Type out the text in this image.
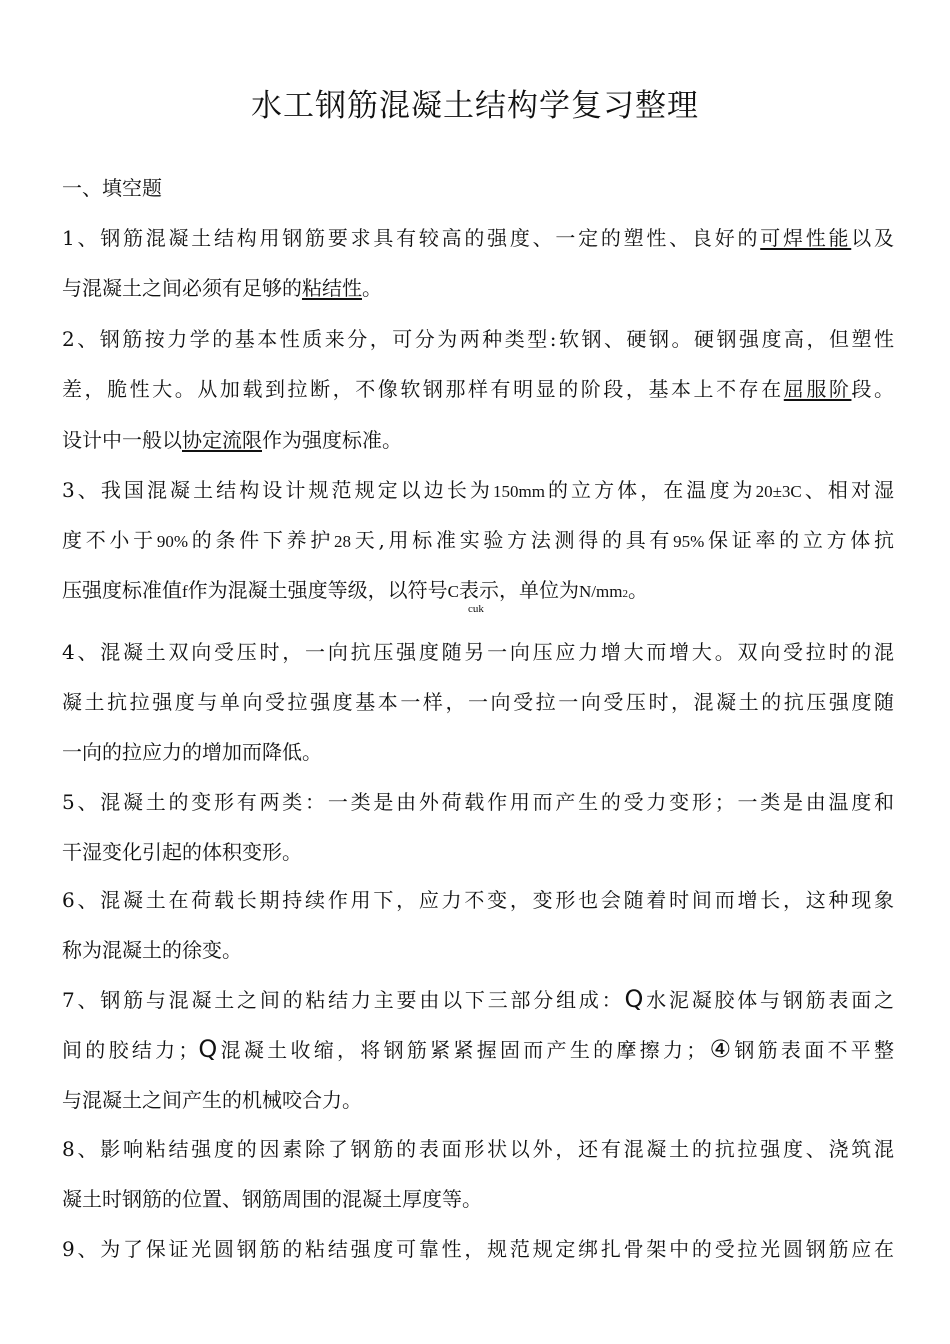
水工钢筋混凝土结构学复习整理
一、填空题
1、钢筋混凝土结构用钢筋要求具有较高的强度、一定的塑性、良好的可焊性能以及
与混凝土之间必须有足够的粘结性。
2、钢筋按力学的基本性质来分，可分为两种类型:软钢、硬钢。硬钢强度高，但塑性
差，脆性大。从加载到拉断，不像软钢那样有明显的阶段，基本上不存在屈服阶段。
设计中一般以协定流限作为强度标准。
3、我国混凝土结构设计规范规定以边长为150mm的立方体，在温度为20±3C、相对湿
度不小于90%的条件下养护28天,用标准实验方法测得的具有95%保证率的立方体抗
压强度标准值f作为混凝土强度等级，以符号C表示，单位为N/mm2。
cuk
4、混凝土双向受压时，一向抗压强度随另一向压应力增大而增大。双向受拉时的混
凝土抗拉强度与单向受拉强度基本一样，一向受拉一向受压时，混凝土的抗压强度随
一向的拉应力的增加而降低。
5、混凝土的变形有两类：一类是由外荷载作用而产生的受力变形；一类是由温度和
干湿变化引起的体积变形。
6、混凝土在荷载长期持续作用下，应力不变，变形也会随着时间而增长，这种现象
称为混凝土的徐变。
7、钢筋与混凝土之间的粘结力主要由以下三部分组成：Q水泥凝胶体与钢筋表面之
间的胶结力；Q混凝土收缩，将钢筋紧紧握固而产生的摩擦力；④钢筋表面不平整
与混凝土之间产生的机械咬合力。
8、影响粘结强度的因素除了钢筋的表面形状以外，还有混凝土的抗拉强度、浇筑混
凝土时钢筋的位置、钢筋周围的混凝土厚度等。
9、为了保证光圆钢筋的粘结强度可靠性，规范规定绑扎骨架中的受拉光圆钢筋应在
